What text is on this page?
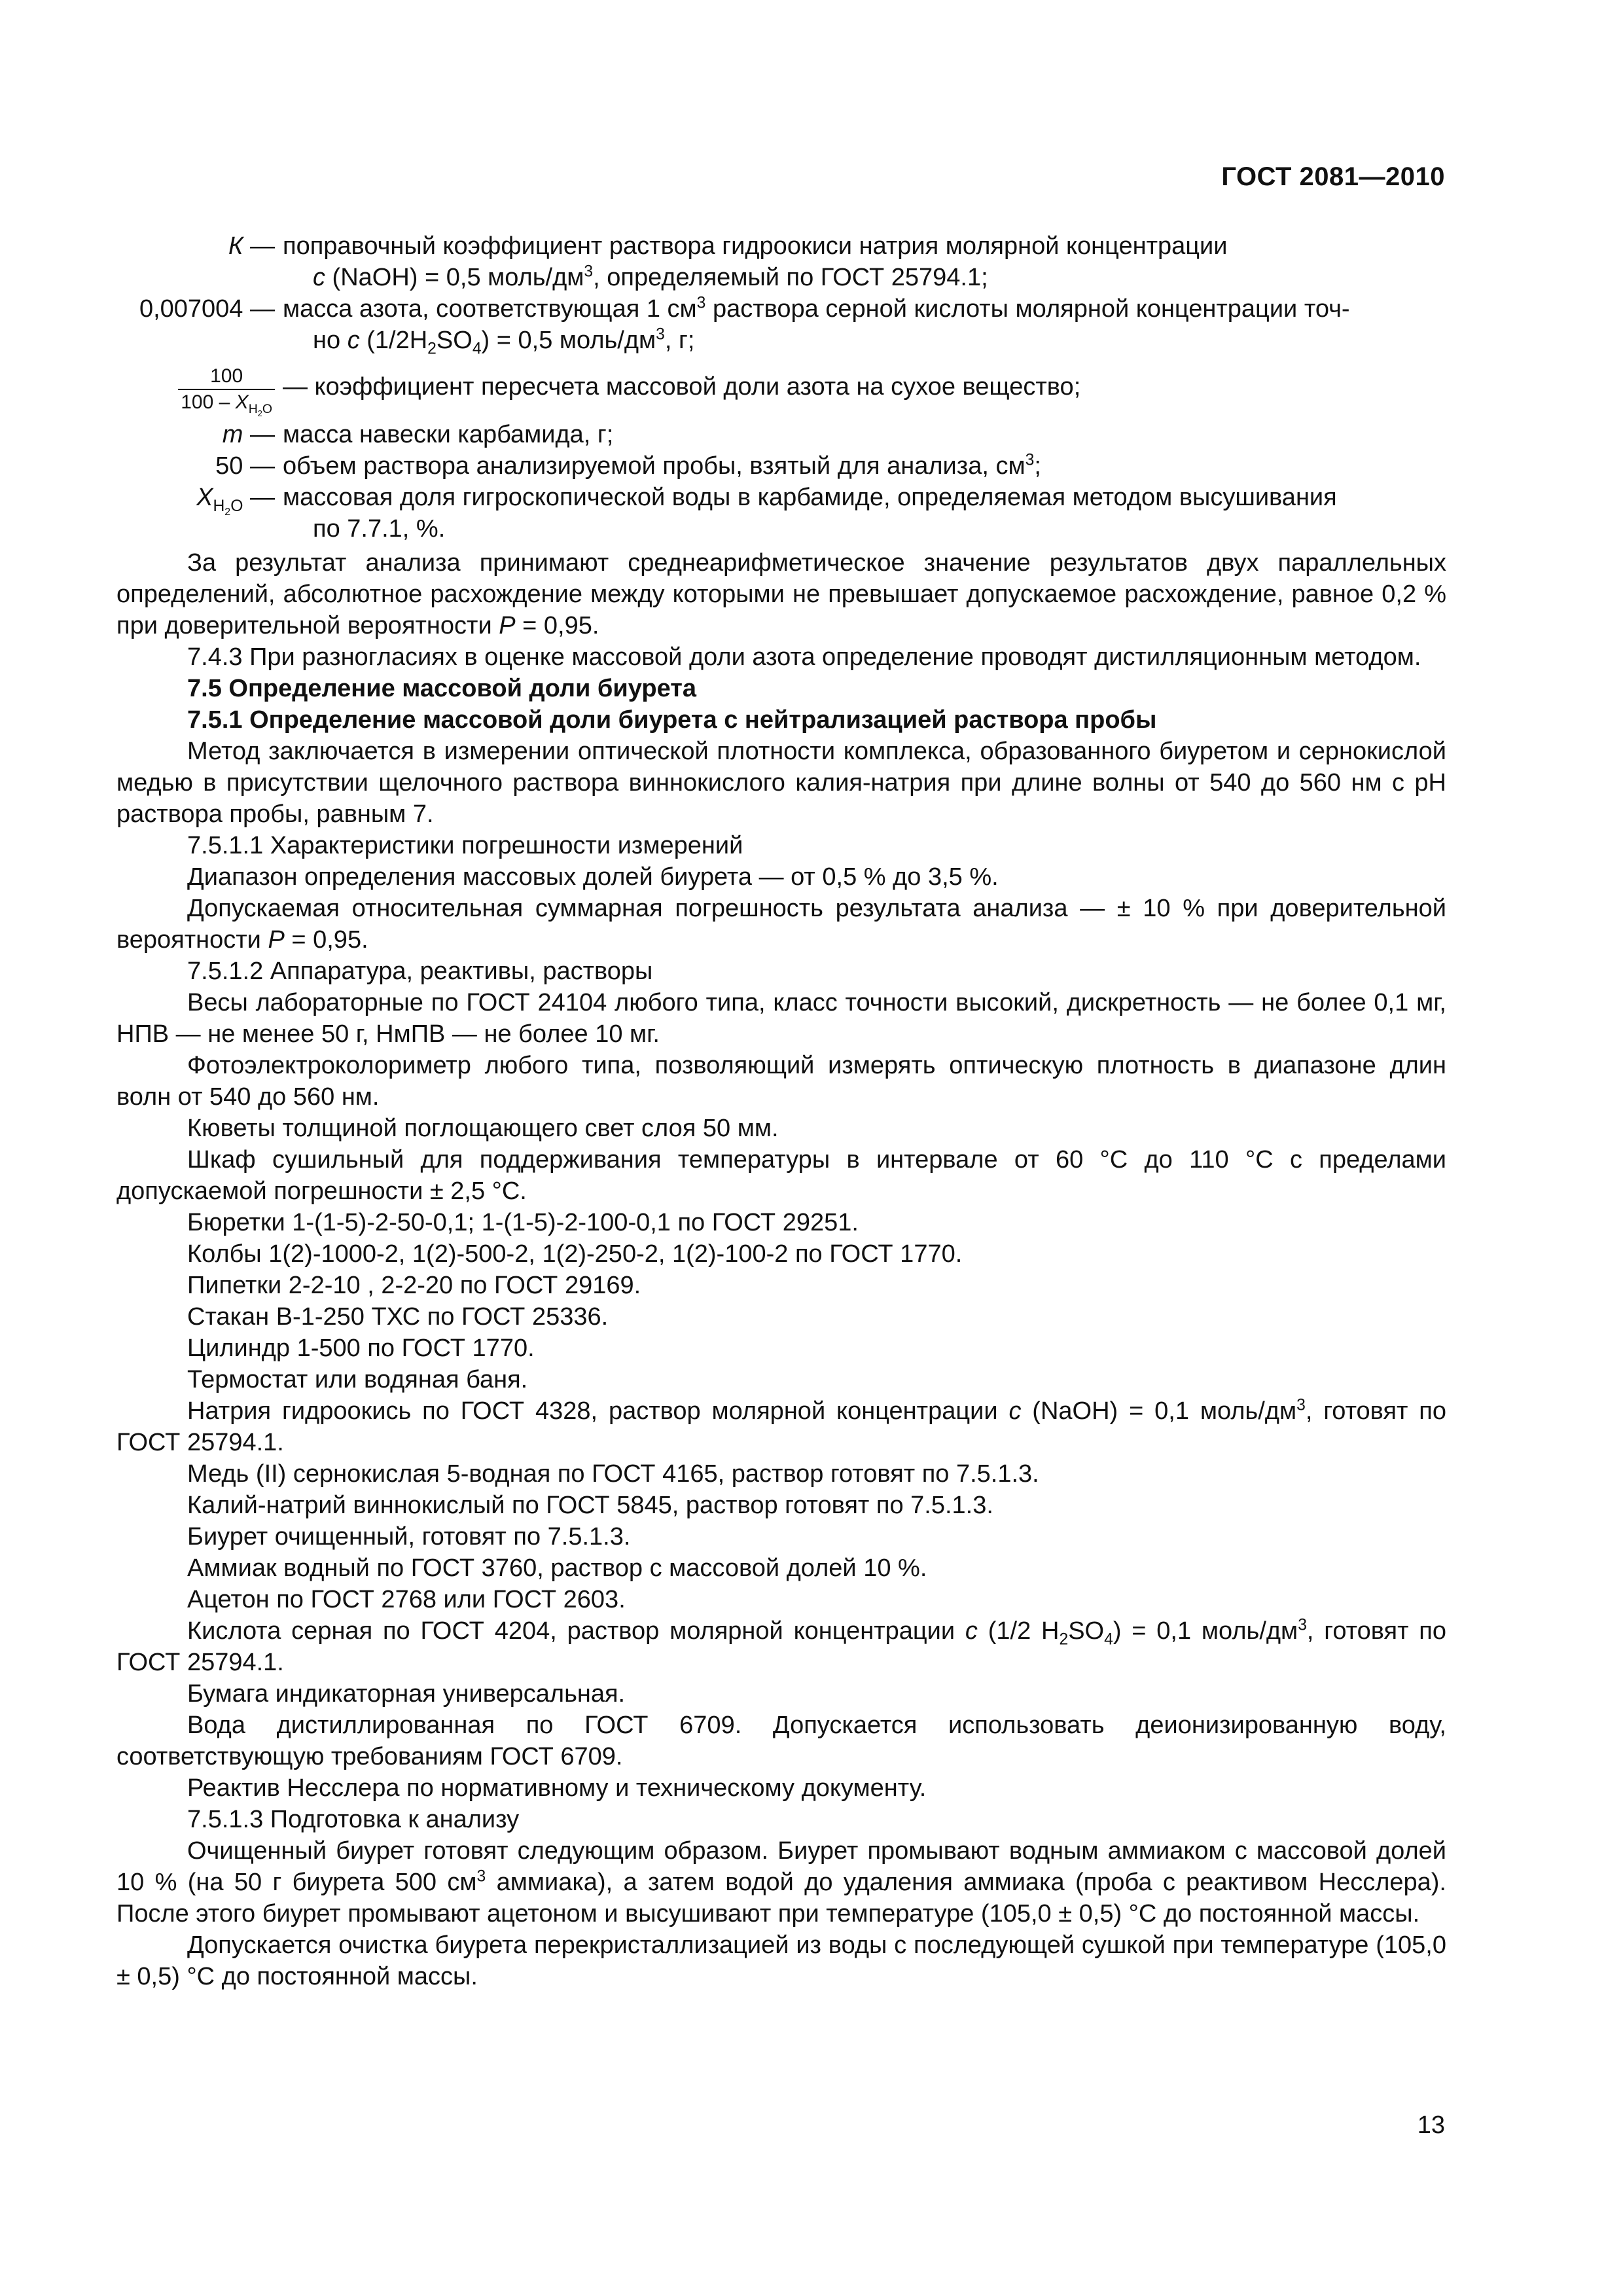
ГОСТ 2081—2010
К — поправочный коэффициент раствора гидроокиси натрия молярной концентрации
с (NaOH) = 0,5 моль/$дм^3$, определяемый по ГОСТ 25794.1;
0,007004 — масса азота, соответствующая 1 $см^3$ раствора серной кислоты молярной концентрации точ-
но с $(1/2H_2SO_4) = 0,5$ моль/$дм^3$, г;
$\frac{100}{100 - X_{H_2O}}$ — коэффициент пересчета массовой доли азота на сухое вещество;
m — масса навески карбамида, г;
50 — объем раствора анализируемой пробы, взятый для анализа, $см^3$;
$X_{H_2O}$ — массовая доля гигроскопической воды в карбамиде, определяемая методом высушивания
по 7.7.1, %.

За результат анализа принимают среднеарифметическое значение результатов двух параллельных определений, абсолютное расхождение между которыми не превышает допускаемое расхождение, равное 0,2 % при доверительной вероятности Р = 0,95.

7.4.3 При разногласиях в оценке массовой доли азота определение проводят дистилляционным методом.

7.5 Определение массовой доли биурета

7.5.1 Определение массовой доли биурета с нейтрализацией раствора пробы

Метод заключается в измерении оптической плотности комплекса, образованного биуретом и сернокислой медью в присутствии щелочного раствора виннокислого калия-натрия при длине волны от 540 до 560 нм с рН раствора пробы, равным 7.

7.5.1.1 Характеристики погрешности измерений

Диапазон определения массовых долей биурета — от 0,5 % до 3,5 %.

Допускаемая относительная суммарная погрешность результата анализа — ± 10 % при доверительной вероятности Р = 0,95.

7.5.1.2 Аппаратура, реактивы, растворы

Весы лабораторные по ГОСТ 24104 любого типа, класс точности высокий, дискретность — не более 0,1 мг, НПВ — не менее 50 г, НмПВ — не более 10 мг.

Фотоэлектроколориметр любого типа, позволяющий измерять оптическую плотность в диапазоне длин волн от 540 до 560 нм.

Кюветы толщиной поглощающего свет слоя 50 мм.

Шкаф сушильный для поддерживания температуры в интервале от 60 °С до 110 °С с пределами допускаемой погрешности ± 2,5 °С.

Бюретки 1-(1-5)-2-50-0,1; 1-(1-5)-2-100-0,1 по ГОСТ 29251.

Колбы 1(2)-1000-2, 1(2)-500-2, 1(2)-250-2, 1(2)-100-2 по ГОСТ 1770.

Пипетки 2-2-10 , 2-2-20 по ГОСТ 29169.

Стакан В-1-250 ТХС по ГОСТ 25336.

Цилиндр 1-500 по ГОСТ 1770.

Термостат или водяная баня.

Натрия гидроокись по ГОСТ 4328, раствор молярной концентрации с (NaOH) = 0,1 моль/$дм^3$, готовят по ГОСТ 25794.1.

Медь (II) сернокислая 5-водная по ГОСТ 4165, раствор готовят по 7.5.1.3.

Калий-натрий виннокислый по ГОСТ 5845, раствор готовят по 7.5.1.3.

Биурет очищенный, готовят по 7.5.1.3.

Аммиак водный по ГОСТ 3760, раствор с массовой долей 10 %.

Ацетон по ГОСТ 2768 или ГОСТ 2603.

Кислота серная по ГОСТ 4204, раствор молярной концентрации с (1/2 $H_2SO_4) = 0,1$ моль/$дм^3$, готовят по ГОСТ 25794.1.

Бумага индикаторная универсальная.

Вода дистиллированная по ГОСТ 6709. Допускается использовать деионизированную воду, соответствующую требованиям ГОСТ 6709.

Реактив Несслера по нормативному и техническому документу.

7.5.1.3 Подготовка к анализу

Очищенный биурет готовят следующим образом. Биурет промывают водным аммиаком с массовой долей 10 % (на 50 г биурета 500 $см^3$ аммиака), а затем водой до удаления аммиака (проба с реактивом Несслера). После этого биурет промывают ацетоном и высушивают при температуре (105,0 ± 0,5) °С до постоянной массы.

Допускается очистка биурета перекристаллизацией из воды с последующей сушкой при температуре (105,0 ± 0,5) °С до постоянной массы.

13
